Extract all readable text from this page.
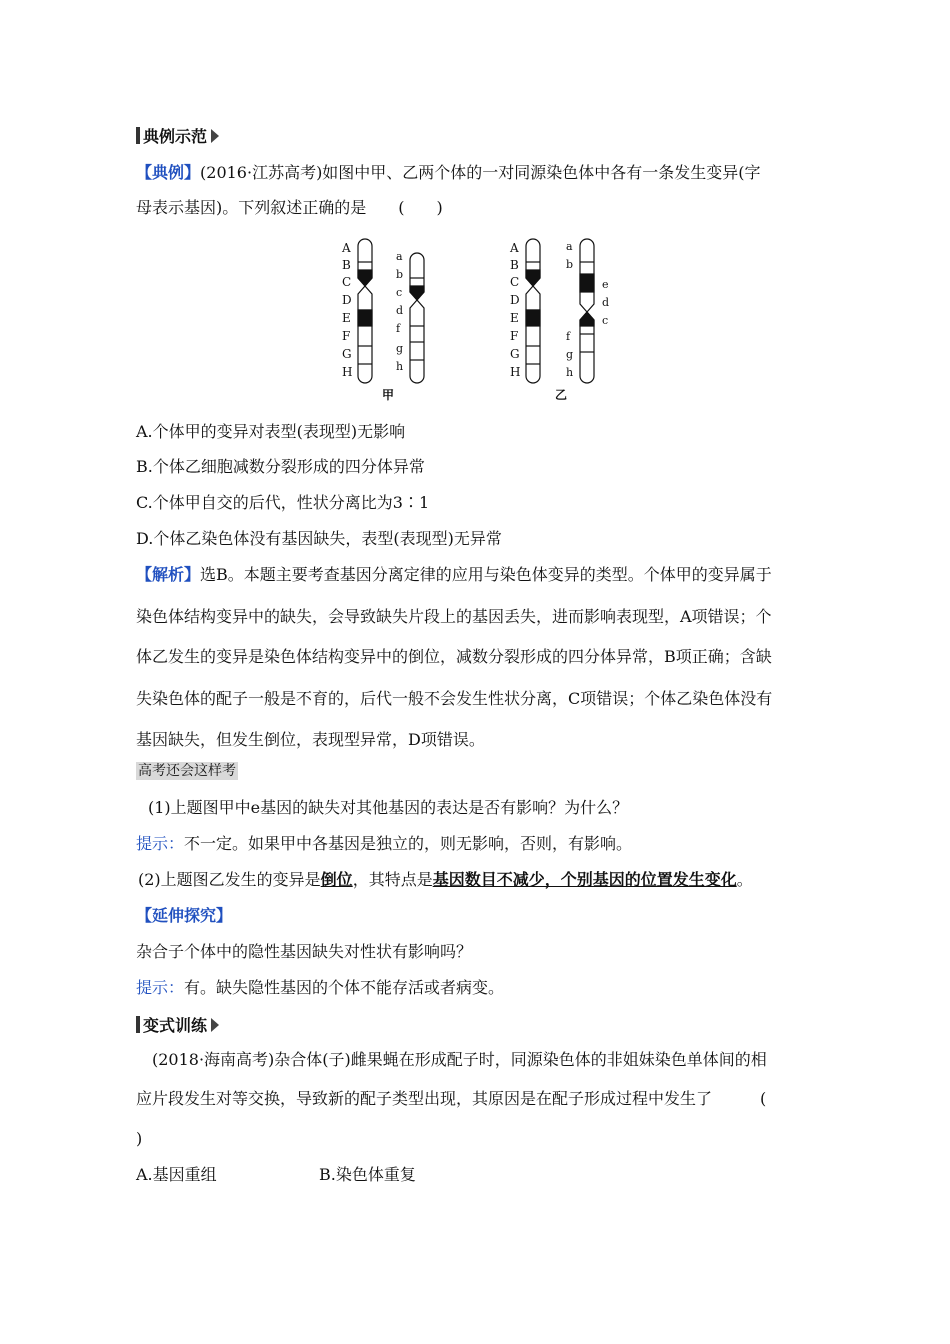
典例示范
【典例】(2016·江苏高考)如图中甲、乙两个体的一对同源染色体中各有一条发生变异(字
母表示基因)。下列叙述正确的是　　(　　)
A
B
C
D
E
F
G
H
a
b
c
d
f
g
h
A
B
C
D
E
F
G
H
a
b
e
d
c
f
g
h
甲	乙
A.个体甲的变异对表型(表现型)无影响
B.个体乙细胞减数分裂形成的四分体异常
C.个体甲自交的后代，性状分离比为3∶1
D.个体乙染色体没有基因缺失，表型(表现型)无异常
【解析】选B。本题主要考查基因分离定律的应用与染色体变异的类型。个体甲的变异属于
染色体结构变异中的缺失，会导致缺失片段上的基因丢失，进而影响表现型，A项错误；个
体乙发生的变异是染色体结构变异中的倒位，减数分裂形成的四分体异常，B项正确；含缺
失染色体的配子一般是不育的，后代一般不会发生性状分离，C项错误；个体乙染色体没有
基因缺失，但发生倒位，表现型异常，D项错误。
高考还会这样考
(1)上题图甲中e基因的缺失对其他基因的表达是否有影响？为什么？
提示：不一定。如果甲中各基因是独立的，则无影响，否则，有影响。
(2)上题图乙发生的变异是倒位，其特点是基因数目不减少，个别基因的位置发生变化。
【延伸探究】
杂合子个体中的隐性基因缺失对性状有影响吗？
提示：有。缺失隐性基因的个体不能存活或者病变。
变式训练
(2018·海南高考)杂合体(子)雌果蝇在形成配子时，同源染色体的非姐妹染色单体间的相
应片段发生对等交换，导致新的配子类型出现，其原因是在配子形成过程中发生了　　　(
)
A.基因重组	B.染色体重复
